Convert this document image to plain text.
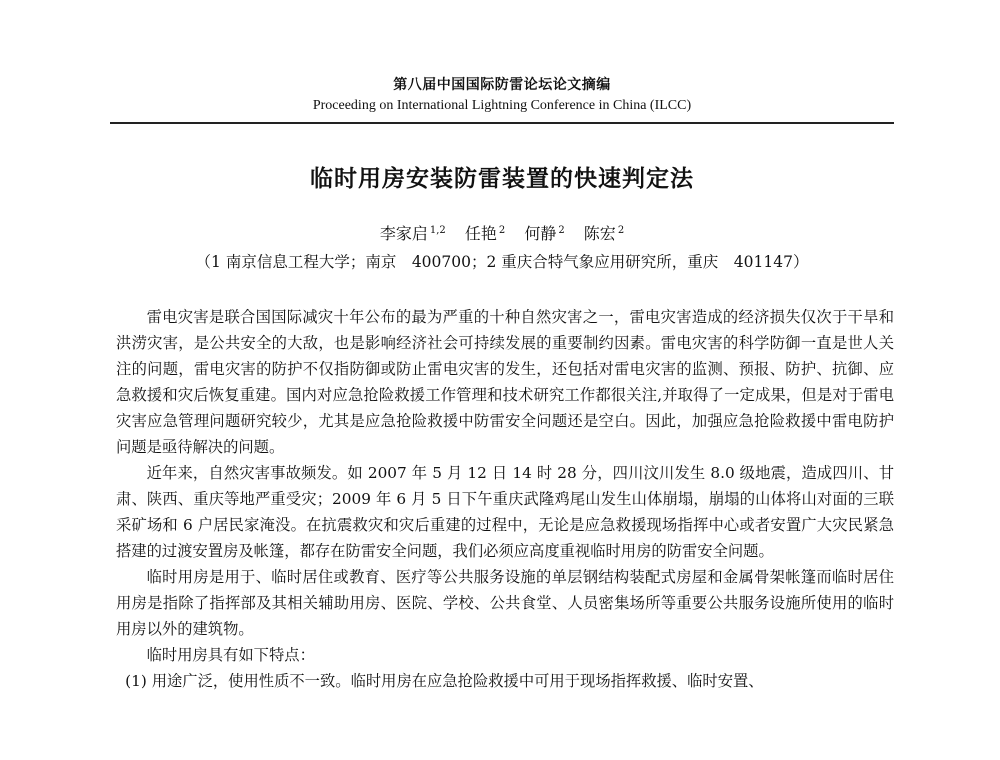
第八届中国国际防雷论坛论文摘编
Proceeding on International Lightning Conference in China (ILCC)
临时用房安装防雷装置的快速判定法
李家启 $^{1,2}$ 任艳 $^2$ 何静 $^2$ 陈宏 $^2$
（1 南京信息工程大学；南京　400700；2 重庆合特气象应用研究所，重庆　401147）

雷电灾害是联合国国际减灾十年公布的最为严重的十种自然灾害之一，雷电灾害造成的经济损失仅次于干旱和洪涝灾害，是公共安全的大敌，也是影响经济社会可持续发展的重要制约因素。雷电灾害的科学防御一直是世人关注的问题，雷电灾害的防护不仅指防御或防止雷电灾害的发生，还包括对雷电灾害的监测、预报、防护、抗御、应急救援和灾后恢复重建。国内对应急抢险救援工作管理和技术研究工作都很关注,并取得了一定成果，但是对于雷电灾害应急管理问题研究较少，尤其是应急抢险救援中防雷安全问题还是空白。因此，加强应急抢险救援中雷电防护问题是亟待解决的问题。

近年来，自然灾害事故频发。如 2007 年 5 月 12 日 14 时 28 分，四川汶川发生 8.0 级地震，造成四川、甘肃、陕西、重庆等地严重受灾；2009 年 6 月 5 日下午重庆武隆鸡尾山发生山体崩塌，崩塌的山体将山对面的三联采矿场和 6 户居民家淹没。在抗震救灾和灾后重建的过程中，无论是应急救援现场指挥中心或者安置广大灾民紧急搭建的过渡安置房及帐篷，都存在防雷安全问题，我们必须应高度重视临时用房的防雷安全问题。

临时用房是用于、临时居住或教育、医疗等公共服务设施的单层钢结构装配式房屋和金属骨架帐篷而临时居住用房是指除了指挥部及其相关辅助用房、医院、学校、公共食堂、人员密集场所等重要公共服务设施所使用的临时用房以外的建筑物。

临时用房具有如下特点：

(1) 用途广泛，使用性质不一致。临时用房在应急抢险救援中可用于现场指挥救援、临时安置、
